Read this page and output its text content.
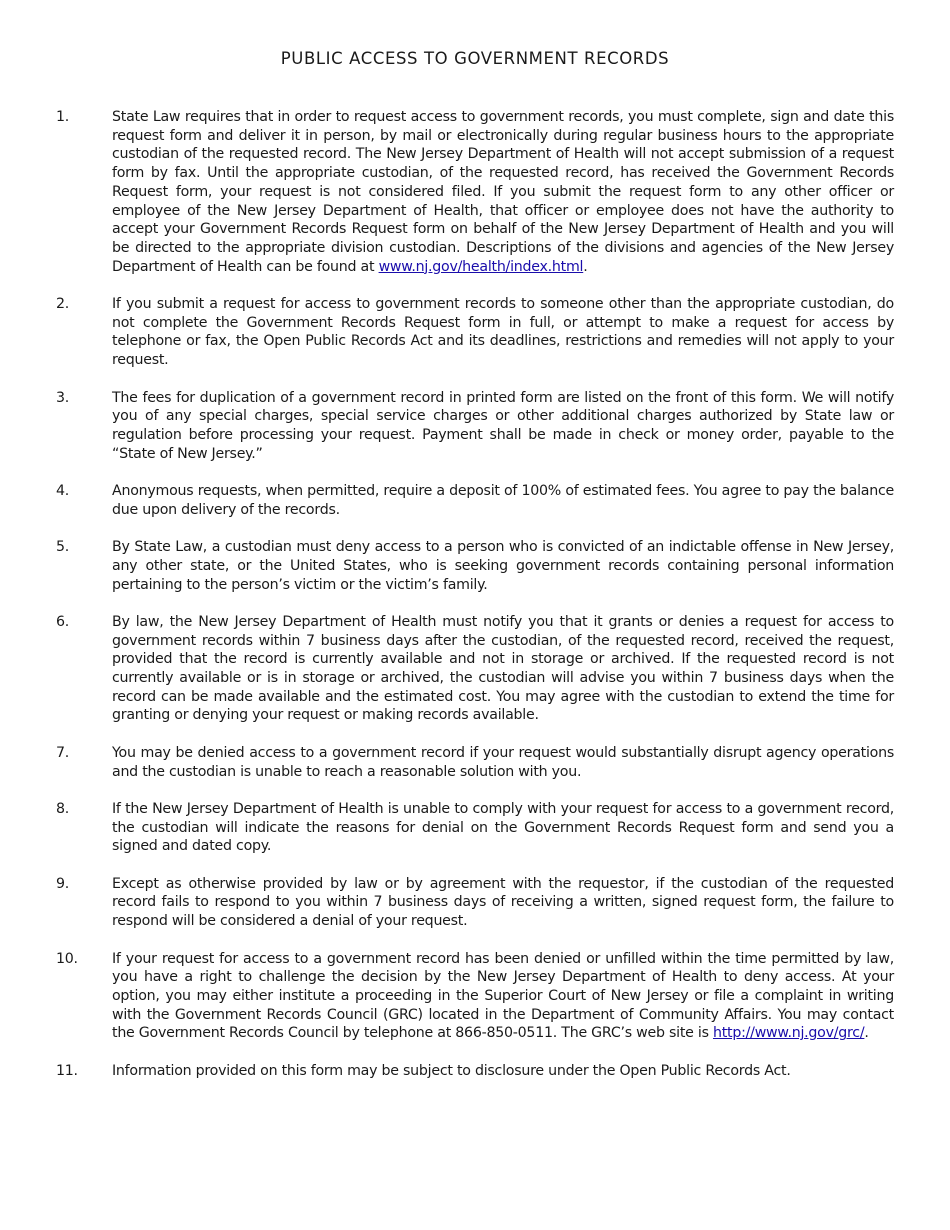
PUBLIC ACCESS TO GOVERNMENT RECORDS
1.	State Law requires that in order to request access to government records, you must complete, sign and date this request form and deliver it in person, by mail or electronically during regular business hours to the appropriate custodian of the requested record. The New Jersey Department of Health will not accept submission of a request form by fax. Until the appropriate custodian, of the requested record, has received the Government Records Request form, your request is not considered filed. If you submit the request form to any other officer or employee of the New Jersey Department of Health, that officer or employee does not have the authority to accept your Government Records Request form on behalf of the New Jersey Department of Health and you will be directed to the appropriate division custodian. Descriptions of the divisions and agencies of the New Jersey Department of Health can be found at www.nj.gov/health/index.html.
2.	If you submit a request for access to government records to someone other than the appropriate custodian, do not complete the Government Records Request form in full, or attempt to make a request for access by telephone or fax, the Open Public Records Act and its deadlines, restrictions and remedies will not apply to your request.
3.	The fees for duplication of a government record in printed form are listed on the front of this form. We will notify you of any special charges, special service charges or other additional charges authorized by State law or regulation before processing your request. Payment shall be made in check or money order, payable to the “State of New Jersey.”
4.	Anonymous requests, when permitted, require a deposit of 100% of estimated fees. You agree to pay the balance due upon delivery of the records.
5.	By State Law, a custodian must deny access to a person who is convicted of an indictable offense in New Jersey, any other state, or the United States, who is seeking government records containing personal information pertaining to the person’s victim or the victim’s family.
6.	By law, the New Jersey Department of Health must notify you that it grants or denies a request for access to government records within 7 business days after the custodian, of the requested record, received the request, provided that the record is currently available and not in storage or archived. If the requested record is not currently available or is in storage or archived, the custodian will advise you within 7 business days when the record can be made available and the estimated cost. You may agree with the custodian to extend the time for granting or denying your request or making records available.
7.	You may be denied access to a government record if your request would substantially disrupt agency operations and the custodian is unable to reach a reasonable solution with you.
8.	If the New Jersey Department of Health is unable to comply with your request for access to a government record, the custodian will indicate the reasons for denial on the Government Records Request form and send you a signed and dated copy.
9.	Except as otherwise provided by law or by agreement with the requestor, if the custodian of the requested record fails to respond to you within 7 business days of receiving a written, signed request form, the failure to respond will be considered a denial of your request.
10. If your request for access to a government record has been denied or unfilled within the time permitted by law, you have a right to challenge the decision by the New Jersey Department of Health to deny access. At your option, you may either institute a proceeding in the Superior Court of New Jersey or file a complaint in writing with the Government Records Council (GRC) located in the Department of Community Affairs. You may contact the Government Records Council by telephone at 866-850-0511. The GRC’s web site is http://www.nj.gov/grc/.
11. Information provided on this form may be subject to disclosure under the Open Public Records Act.
